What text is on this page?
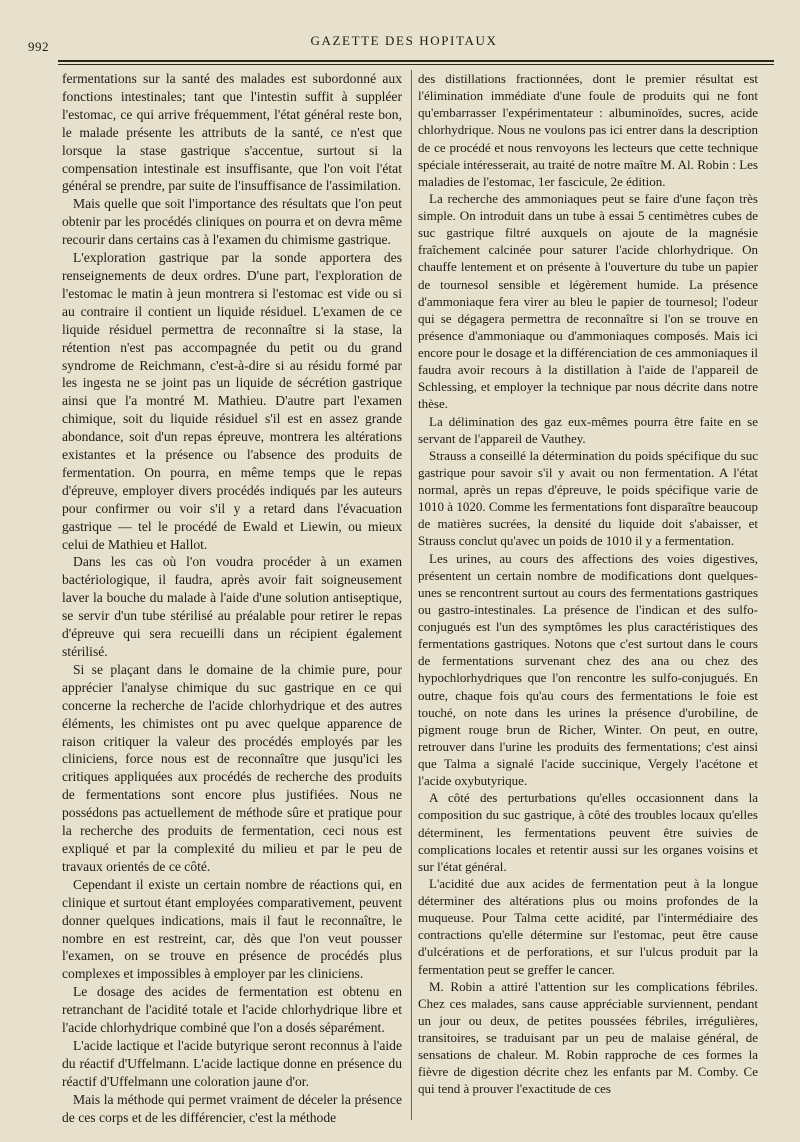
992	GAZETTE DES HOPITAUX

fermentations sur la santé des malades est subordonné aux fonctions intestinales; tant que l'intestin suffit à suppléer l'estomac, ce qui arrive fréquemment, l'état général reste bon, le malade présente les attributs de la santé, ce n'est que lorsque la stase gastrique s'accentue, surtout si la compensation intestinale est insuffisante, que l'on voit l'état général se prendre, par suite de l'insuffisance de l'assimilation.

Mais quelle que soit l'importance des résultats que l'on peut obtenir par les procédés cliniques on pourra et on devra même recourir dans certains cas à l'examen du chimisme gastrique.

L'exploration gastrique par la sonde apportera des renseignements de deux ordres. D'une part, l'exploration de l'estomac le matin à jeun montrera si l'estomac est vide ou si au contraire il contient un liquide résiduel. L'examen de ce liquide résiduel permettra de reconnaître si la stase, la rétention n'est pas accompagnée du petit ou du grand syndrome de Reichmann, c'est-à-dire si au résidu formé par les ingesta ne se joint pas un liquide de sécrétion gastrique ainsi que l'a montré M. Mathieu. D'autre part l'examen chimique, soit du liquide résiduel s'il est en assez grande abondance, soit d'un repas épreuve, montrera les altérations existantes et la présence ou l'absence des produits de fermentation. On pourra, en même temps que le repas d'épreuve, employer divers procédés indiqués par les auteurs pour confirmer ou voir s'il y a retard dans l'évacuation gastrique — tel le procédé de Ewald et Liewin, ou mieux celui de Mathieu et Hallot.

Dans les cas où l'on voudra procéder à un examen bactériologique, il faudra, après avoir fait soigneusement laver la bouche du malade à l'aide d'une solution antiseptique, se servir d'un tube stérilisé au préalable pour retirer le repas d'épreuve qui sera recueilli dans un récipient également stérilisé.

Si se plaçant dans le domaine de la chimie pure, pour apprécier l'analyse chimique du suc gastrique en ce qui concerne la recherche de l'acide chlorhydrique et des autres éléments, les chimistes ont pu avec quelque apparence de raison critiquer la valeur des procédés employés par les cliniciens, force nous est de reconnaître que jusqu'ici les critiques appliquées aux procédés de recherche des produits de fermentations sont encore plus justifiées. Nous ne possédons pas actuellement de méthode sûre et pratique pour la recherche des produits de fermentation, ceci nous est expliqué et par la complexité du milieu et par le peu de travaux orientés de ce côté.

Cependant il existe un certain nombre de réactions qui, en clinique et surtout étant employées comparativement, peuvent donner quelques indications, mais il faut le reconnaître, le nombre en est restreint, car, dès que l'on veut pousser l'examen, on se trouve en présence de procédés plus complexes et impossibles à employer par les cliniciens.

Le dosage des acides de fermentation est obtenu en retranchant de l'acidité totale et l'acide chlorhydrique libre et l'acide chlorhydrique combiné que l'on a dosés séparément.

L'acide lactique et l'acide butyrique seront reconnus à l'aide du réactif d'Uffelmann. L'acide lactique donne en présence du réactif d'Uffelmann une coloration jaune d'or.

Mais la méthode qui permet vraiment de déceler la présence de ces corps et de les différencier, c'est la méthode

des distillations fractionnées, dont le premier résultat est l'élimination immédiate d'une foule de produits qui ne font qu'embarrasser l'expérimentateur : albuminoïdes, sucres, acide chlorhydrique. Nous ne voulons pas ici entrer dans la description de ce procédé et nous renvoyons les lecteurs que cette technique spéciale intéresserait, au traité de notre maître M. Al. Robin : Les maladies de l'estomac, 1er fascicule, 2e édition.

La recherche des ammoniaques peut se faire d'une façon très simple. On introduit dans un tube à essai 5 centimètres cubes de suc gastrique filtré auxquels on ajoute de la magnésie fraîchement calcinée pour saturer l'acide chlorhydrique. On chauffe lentement et on présente à l'ouverture du tube un papier de tournesol sensible et légèrement humide. La présence d'ammoniaque fera virer au bleu le papier de tournesol; l'odeur qui se dégagera permettra de reconnaître si l'on se trouve en présence d'ammoniaque ou d'ammoniaques composés. Mais ici encore pour le dosage et la différenciation de ces ammoniaques il faudra avoir recours à la distillation à l'aide de l'appareil de Schlessing, et employer la technique par nous décrite dans notre thèse.

La délimination des gaz eux-mêmes pourra être faite en se servant de l'appareil de Vauthey.

Strauss a conseillé la détermination du poids spécifique du suc gastrique pour savoir s'il y avait ou non fermentation. A l'état normal, après un repas d'épreuve, le poids spécifique varie de 1010 à 1020. Comme les fermentations font disparaître beaucoup de matières sucrées, la densité du liquide doit s'abaisser, et Strauss conclut qu'avec un poids de 1010 il y a fermentation.

Les urines, au cours des affections des voies digestives, présentent un certain nombre de modifications dont quelques-unes se rencontrent surtout au cours des fermentations gastriques ou gastro-intestinales. La présence de l'indican et des sulfo-conjugués est l'un des symptômes les plus caractéristiques des fermentations gastriques. Notons que c'est surtout dans le cours de fermentations survenant chez des ana ou chez des hypochlorhydriques que l'on rencontre les sulfo-conjugués. En outre, chaque fois qu'au cours des fermentations le foie est touché, on note dans les urines la présence d'urobiline, de pigment rouge brun de Richer, Winter. On peut, en outre, retrouver dans l'urine les produits des fermentations; c'est ainsi que Talma a signalé l'acide succinique, Vergely l'acétone et l'acide oxybutyrique.

A côté des perturbations qu'elles occasionnent dans la composition du suc gastrique, à côté des troubles locaux qu'elles déterminent, les fermentations peuvent être suivies de complications locales et retentir aussi sur les organes voisins et sur l'état général.

L'acidité due aux acides de fermentation peut à la longue déterminer des altérations plus ou moins profondes de la muqueuse. Pour Talma cette acidité, par l'intermédiaire des contractions qu'elle détermine sur l'estomac, peut être cause d'ulcérations et de perforations, et sur l'ulcus produit par la fermentation peut se greffer le cancer.

M. Robin a attiré l'attention sur les complications fébriles. Chez ces malades, sans cause appréciable surviennent, pendant un jour ou deux, de petites poussées fébriles, irrégulières, transitoires, se traduisant par un peu de malaise général, de sensations de chaleur. M. Robin rapproche de ces formes la fièvre de digestion décrite chez les enfants par M. Comby. Ce qui tend à prouver l'exactitude de ces
